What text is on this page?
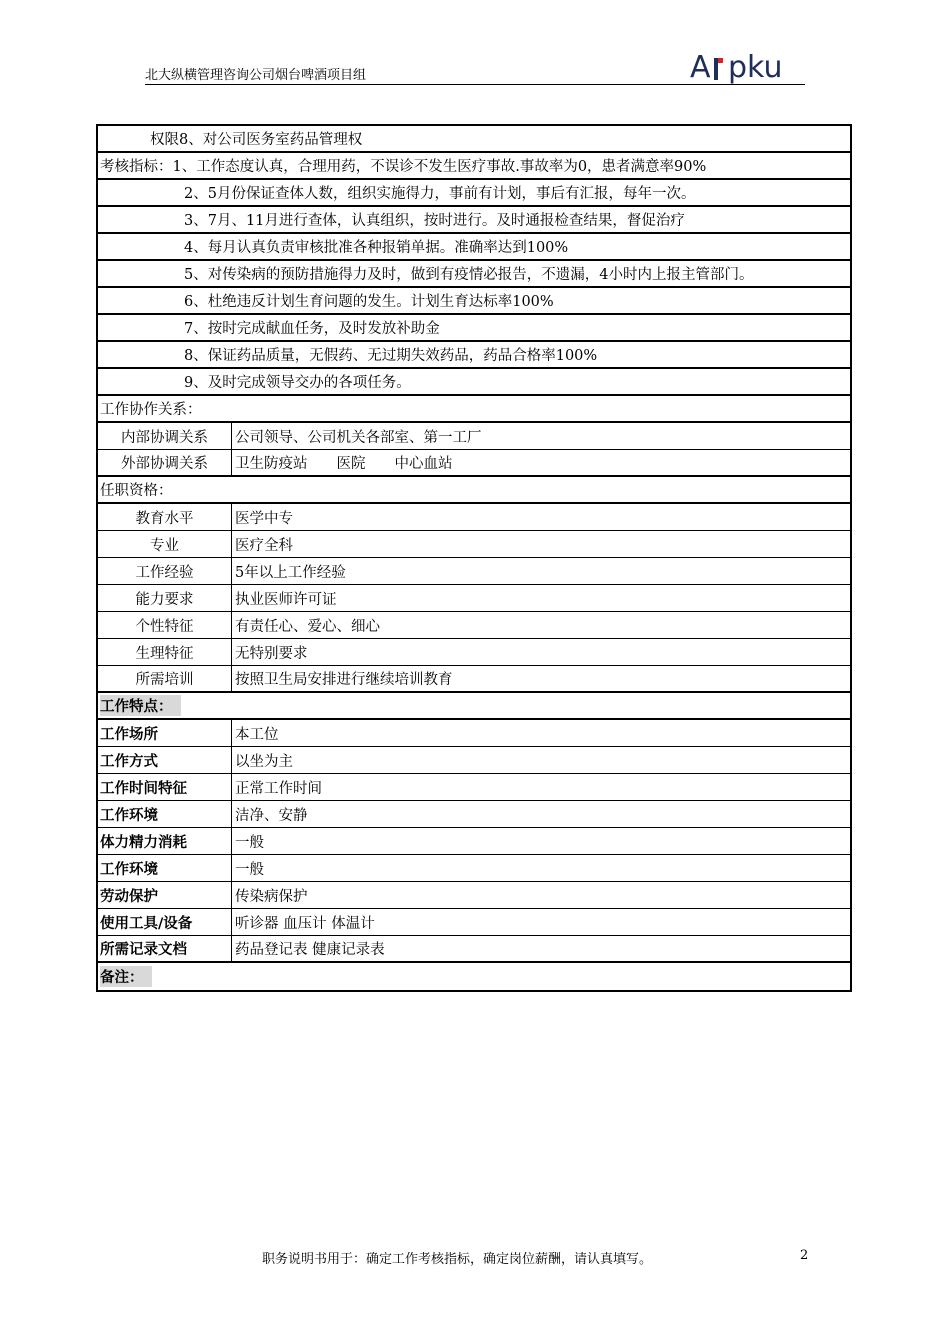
北大纵横管理咨询公司烟台啤酒项目组	A pku
权限8、对公司医务室药品管理权
考核指标：1、工作态度认真，合理用药，不误诊不发生医疗事故.事故率为0，患者满意率90%
2、5月份保证查体人数，组织实施得力，事前有计划，事后有汇报，每年一次。
3、7月、11月进行查体，认真组织，按时进行。及时通报检查结果，督促治疗
4、每月认真负责审核批准各种报销单据。准确率达到100%
5、对传染病的预防措施得力及时，做到有疫情必报告，不遗漏，4小时内上报主管部门。
6、杜绝违反计划生育问题的发生。计划生育达标率100%
7、按时完成献血任务，及时发放补助金
8、保证药品质量，无假药、无过期失效药品，药品合格率100%
9、及时完成领导交办的各项任务。
工作协作关系：
内部协调关系	公司领导、公司机关各部室、第一工厂
外部协调关系	卫生防疫站　　医院　　中心血站
任职资格：
教育水平	医学中专
专业	医疗全科
工作经验	5年以上工作经验
能力要求	执业医师许可证
个性特征	有责任心、爱心、细心
生理特征	无特别要求
所需培训	按照卫生局安排进行继续培训教育
工作特点：
工作场所	本工位
工作方式	以坐为主
工作时间特征	正常工作时间
工作环境	洁净、安静
体力精力消耗	一般
工作环境	一般
劳动保护	传染病保护
使用工具/设备	听诊器 血压计 体温计
所需记录文档	药品登记表 健康记录表
备注：
职务说明书用于：确定工作考核指标，确定岗位薪酬，请认真填写。	2
